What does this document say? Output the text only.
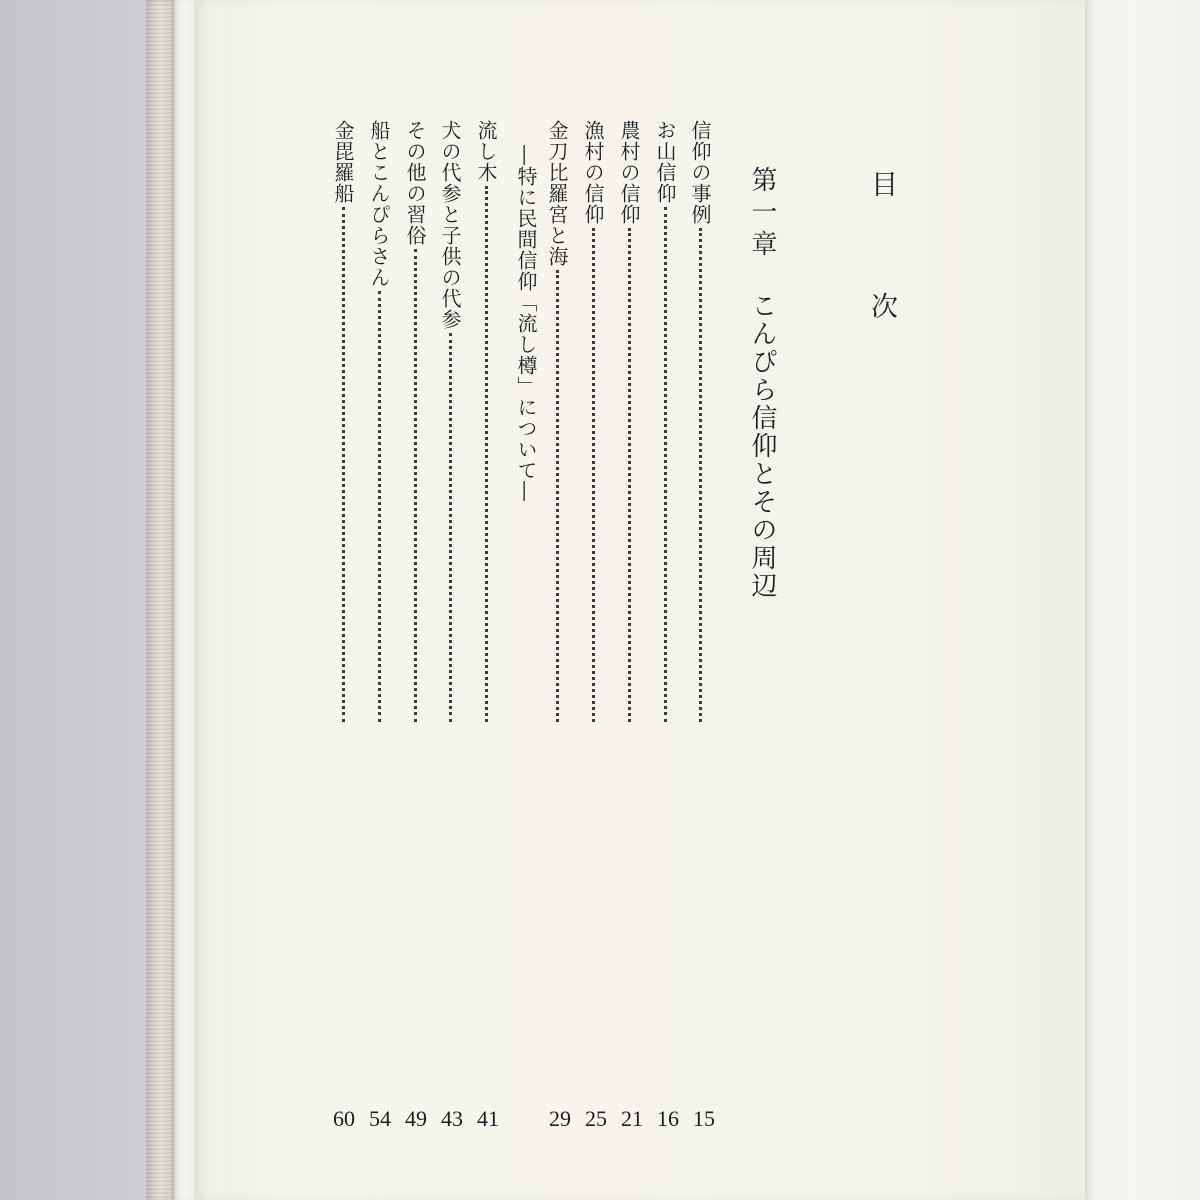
目　次
第一章
こんぴら信仰とその周辺
信仰の事例
お山信仰
農村の信仰
漁村の信仰
金刀比羅宮と海
―特に民間信仰「流し樽」について―
流し木
犬の代参と子供の代参
その他の習俗
船とこんぴらさん
金毘羅船
15
16
21
25
29
41
43
49
54
60
